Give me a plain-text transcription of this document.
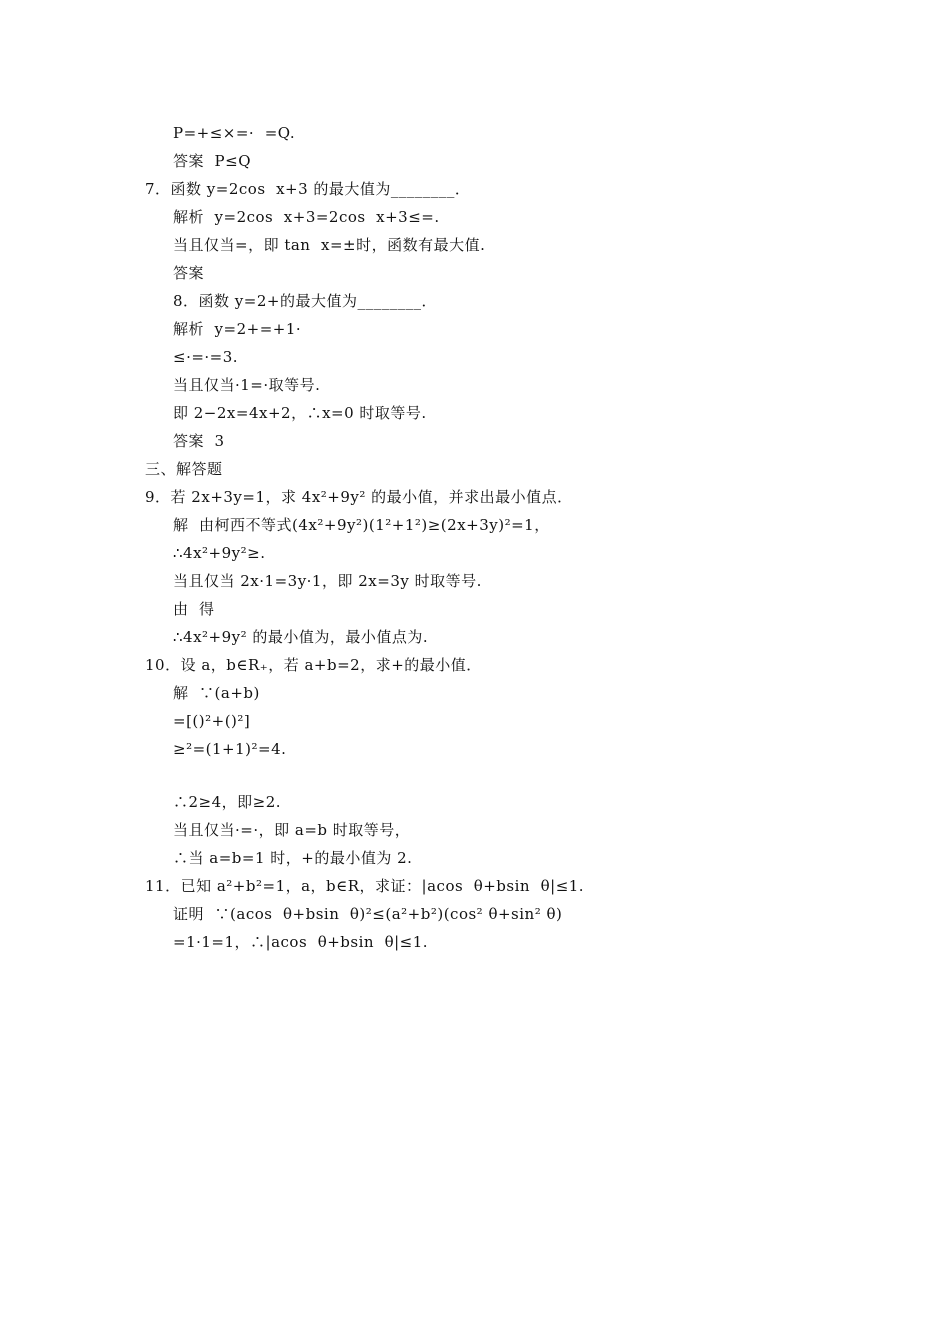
P=+≤×=·  =Q.
答案  P≤Q
7．函数 y=2cos  x+3 的最大值为________．
解析  y=2cos  x+3=2cos  x+3≤=.
当且仅当=，即 tan  x=±时，函数有最大值.
答案
8．函数 y=2+的最大值为________．
解析  y=2+=+1·
≤·=·=3.
当且仅当·1=·取等号.
即 2−2x=4x+2，∴x=0 时取等号.
答案  3
三、解答题
9．若 2x+3y=1，求 4x²+9y² 的最小值，并求出最小值点．
解  由柯西不等式(4x²+9y²)(1²+1²)≥(2x+3y)²=1，
∴4x²+9y²≥.
当且仅当 2x·1=3y·1，即 2x=3y 时取等号.
由  得
∴4x²+9y² 的最小值为，最小值点为.
10．设 a，b∈R₊，若 a+b=2，求+的最小值．
解  ∵(a+b)
=[()²+()²]
≥²=(1+1)²=4.
∴2≥4，即≥2.
当且仅当·=·，即 a=b 时取等号，
∴当 a=b=1 时，+的最小值为 2.
11．已知 a²+b²=1，a，b∈R，求证：|acos  θ+bsin  θ|≤1.
证明  ∵(acos  θ+bsin  θ)²≤(a²+b²)(cos² θ+sin² θ)
=1·1=1，∴|acos  θ+bsin  θ|≤1.
